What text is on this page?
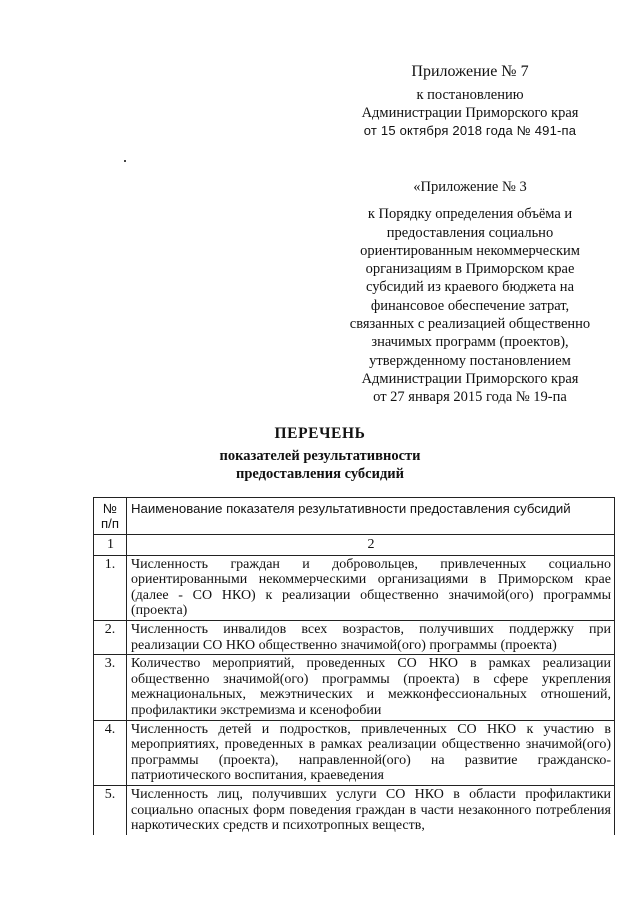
Приложение № 7
к постановлению
Администрации Приморского края
от 15 октября 2018 года № 491-па
«Приложение № 3
к Порядку определения объёма и
предоставления социально
ориентированным некоммерческим
организациям в Приморском крае
субсидий из краевого бюджета на
финансовое обеспечение затрат,
связанных с реализацией общественно
значимых программ (проектов),
утвержденному постановлением
Администрации Приморского края
от 27 января 2015 года № 19-па
ПЕРЕЧЕНЬ
показателей результативности
предоставления субсидий
№ п/п	Наименование показателя результативности предоставления субсидий
1	2
1.	Численность граждан и добровольцев, привлеченных социально ориентированными некоммерческими организациями в Приморском крае (далее - СО НКО) к реализации общественно значимой(ого) программы (проекта)
2.	Численность инвалидов всех возрастов, получивших поддержку при реализации СО НКО общественно значимой(ого) программы (проекта)
3.	Количество мероприятий, проведенных СО НКО в рамках реализации общественно значимой(ого) программы (проекта) в сфере укрепления межнациональных, межэтнических и межконфессиональных отношений, профилактики экстремизма и ксенофобии
4.	Численность детей и подростков, привлеченных СО НКО к участию в мероприятиях, проведенных в рамках реализации общественно значимой(ого) программы (проекта), направленной(ого) на развитие гражданско-патриотического воспитания, краеведения
5.	Численность лиц, получивших услуги СО НКО в области профилактики социально опасных форм поведения граждан в части незаконного потребления наркотических средств и психотропных веществ,
